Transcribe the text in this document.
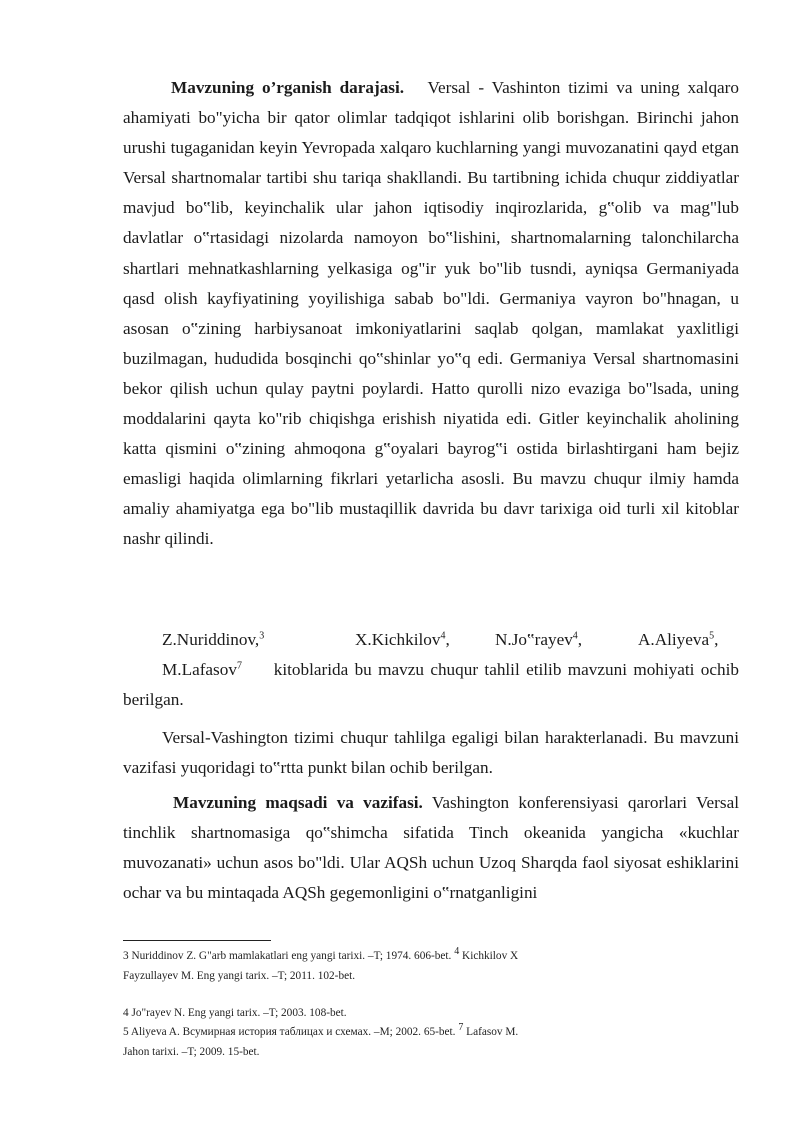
Mavzuning o’rganish darajasi. Versal - Vashinton tizimi va uning xalqaro ahamiyati bo"yicha bir qator olimlar tadqiqot ishlarini olib borishgan. Birinchi jahon urushi tugaganidan keyin Yevropada xalqaro kuchlarning yangi muvozanatini qayd etgan Versal shartnomalar tartibi shu tariqa shakllandi. Bu tartibning ichida chuqur ziddiyatlar mavjud bo‟lib, keyinchalik ular jahon iqtisodiy inqirozlarida, g‟olib va mag"lub davlatlar o‟rtasidagi nizolarda namoyon bo‟lishini, shartnomalarning talonchilarcha shartlari mehnatkashlarning yelkasiga og"ir yuk bo"lib tusndi, ayniqsa Germaniyada qasd olish kayfiyatining yoyilishiga sabab bo"ldi. Germaniya vayron bo"hnagan, u asosan o‟zining harbiysanoat imkoniyatlarini saqlab qolgan, mamlakat yaxlitligi buzilmagan, hududida bosqinchi qo‟shinlar yo‟q edi. Germaniya Versal shartnomasini bekor qilish uchun qulay paytni poylardi. Hatto qurolli nizo evaziga bo"lsada, uning moddalarini qayta ko"rib chiqishga erishish niyatida edi. Gitler keyinchalik aholining katta qismini o‟zining ahmoqona g‟oyalari bayrog‟i ostida birlashtirgani ham bejiz emasligi haqida olimlarning fikrlari yetarlicha asosli. Bu mavzu chuqur ilmiy hamda amaliy ahamiyatga ega bo"lib mustaqillik davrida bu davr tarixiga oid turli xil kitoblar nashr qilindi.

Z.Nuriddinov,$^3$	X.Kichkilov$^4$,	N.Jo‟rayev$^4$,	A.Aliyeva$^5$,

M.Lafasov$^7$ kitoblarida bu mavzu chuqur tahlil etilib mavzuni mohiyati ochib berilgan.

Versal-Vashington tizimi chuqur tahlilga egaligi bilan harakterlanadi. Bu mavzuni vazifasi yuqoridagi to‟rtta punkt bilan ochib berilgan.

Mavzuning maqsadi va vazifasi. Vashington konferensiyasi qarorlari Versal tinchlik shartnomasiga qo‟shimcha sifatida Tinch okeanida yangicha «kuchlar muvozanati» uchun asos bo"ldi. Ular AQSh uchun Uzoq Sharqda faol siyosat eshiklarini ochar va bu mintaqada AQSh gegemonligini o‟rnatganligini

3 Nuriddinov Z. G"arb mamlakatlari eng yangi tarixi. –T; 1974. 606-bet. $^4$ Kichkilov X Fayzullayev M. Eng yangi tarix. –T; 2011. 102-bet.
4 Jo"rayev N. Eng yangi tarix. –T; 2003. 108-bet.
5 Aliyeva A. Всумирная история таблицах и схемах. –M; 2002. 65-bet. $^7$ Lafasov M. Jahon tarixi. –T; 2009. 15-bet.
